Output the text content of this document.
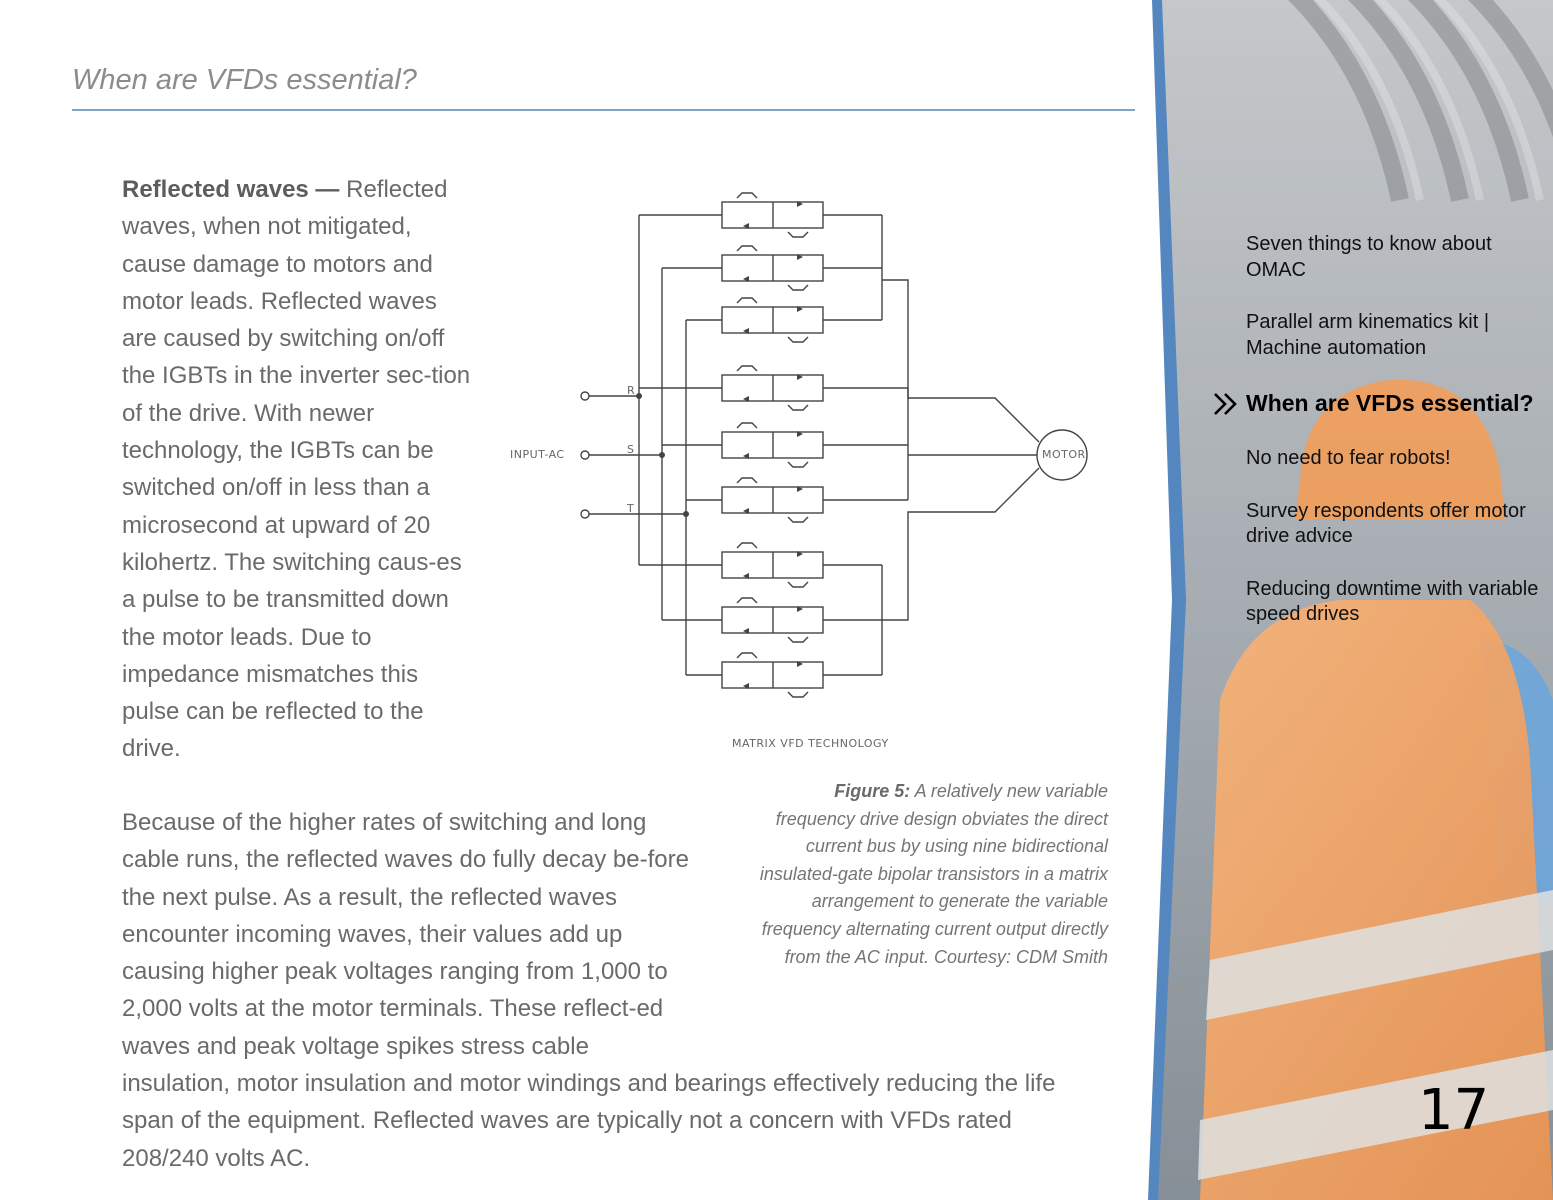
When are VFDs essential?

Reflected waves — Reflected waves, when not mitigated, cause damage to motors and motor leads. Reflected waves are caused by switching on/off the IGBTs in the inverter sec-tion of the drive. With newer technology, the IGBTs can be switched on/off in less than a microsecond at upward of 20 kilohertz. The switching caus-es a pulse to be transmitted down the motor leads. Due to impedance mismatches this pulse can be reflected to the drive.

INPUT-AC
R
S
T
MOTOR
MATRIX VFD TECHNOLOGY

Figure 5: A relatively new variable frequency drive design obviates the direct current bus by using nine bidirectional insulated-gate bipolar transistors in a matrix arrangement to generate the variable frequency alternating current output directly from the AC input. Courtesy: CDM Smith

Because of the higher rates of switching and long cable runs, the reflected waves do fully decay be-fore the next pulse. As a result, the reflected waves encounter incoming waves, their values add up causing higher peak voltages ranging from 1,000 to 2,000 volts at the motor terminals. These reflect-ed waves and peak voltage spikes stress cable insulation, motor insulation and motor windings and bearings effectively reducing the life span of the equipment. Reflected waves are typically not a concern with VFDs rated 208/240 volts AC.

Seven things to know about OMAC
Parallel arm kinematics kit | Machine automation
When are VFDs essential?
No need to fear robots!
Survey respondents offer motor drive advice
Reducing downtime with variable speed drives
17
